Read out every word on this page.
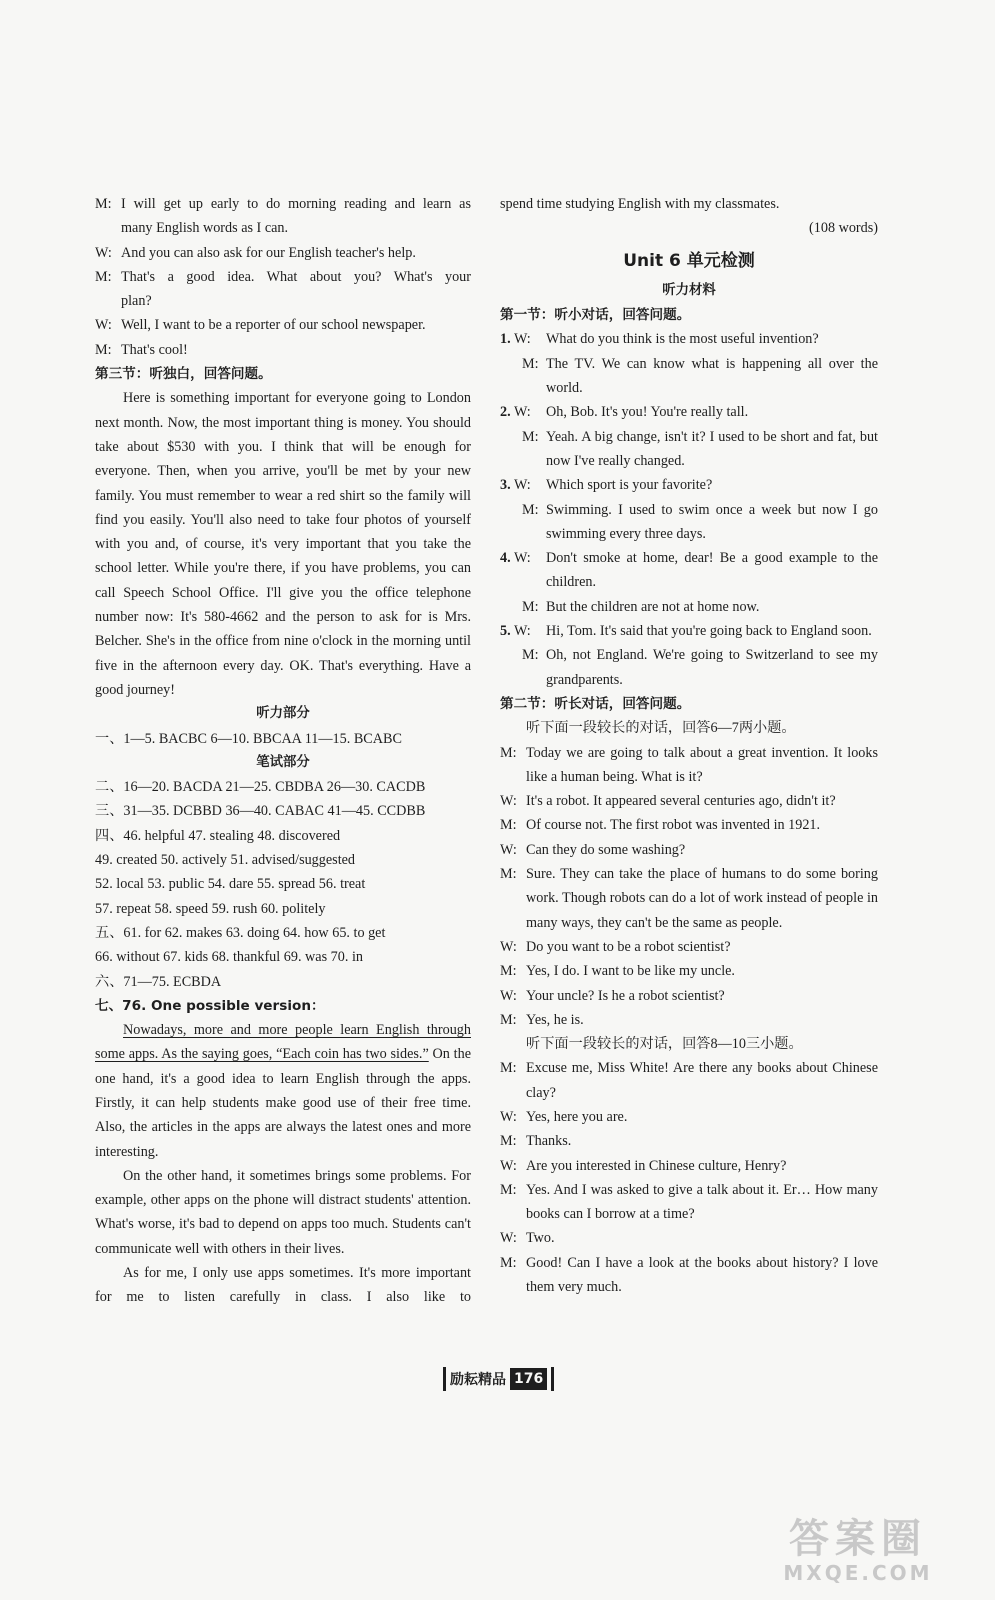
M: I will get up early to do morning reading and learn as
many English words as I can.
W: And you can also ask for our English teacher's help.
M: That's a good idea. What about you? What's your
plan?
W: Well, I want to be a reporter of our school newspaper.
M: That's cool!

第三节：听独白，回答问题。

Here is something important for everyone going to London next month. Now, the most important thing is money. You should take about $530 with you. I think that will be enough for everyone. Then, when you arrive, you'll be met by your new family. You must remember to wear a red shirt so the family will find you easily. You'll also need to take four photos of yourself with you and, of course, it's very important that you take the school letter. While you're there, if you have problems, you can call Speech School Office. I'll give you the office telephone number now: It's 580-4662 and the person to ask for is Mrs. Belcher. She's in the office from nine o'clock in the morning until five in the afternoon every day. OK. That's everything. Have a good journey!

听力部分

一、1—5. BACBC 6—10. BBCAA 11—15. BCABC

笔试部分

二、16—20. BACDA 21—25. CBDBA 26—30. CACDB

三、31—35. DCBBD 36—40. CABAC 41—45. CCDBB

四、46. helpful 47. stealing 48. discovered

49. created 50. actively 51. advised/suggested

52. local 53. public 54. dare 55. spread 56. treat

57. repeat 58. speed 59. rush 60. politely

五、61. for 62. makes 63. doing 64. how 65. to get

66. without 67. kids 68. thankful 69. was 70. in

六、71—75. ECBDA

七、76. One possible version：

Nowadays, more and more people learn English through some apps. As the saying goes, “Each coin has two sides.” On the one hand, it's a good idea to learn English through the apps. Firstly, it can help students make good use of their free time. Also, the articles in the apps are always the latest ones and more interesting.

On the other hand, it sometimes brings some problems. For example, other apps on the phone will distract students' attention. What's worse, it's bad to depend on apps too much. Students can't communicate well with others in their lives.

As for me, I only use apps sometimes. It's more important for me to listen carefully in class. I also like to

spend time studying English with my classmates.

(108 words)

Unit 6 单元检测

听力材料

第一节：听小对话，回答问题。

1. W:	What do you think is the most useful invention?
M: The TV. We can know what is happening all over the world.
2. W:	Oh, Bob. It's you! You're really tall.
M: Yeah. A big change, isn't it? I used to be short and fat, but now I've really changed.
3. W:	Which sport is your favorite?
M: Swimming. I used to swim once a week but now I go swimming every three days.
4. W:	Don't smoke at home, dear! Be a good example to the children.
M: But the children are not at home now.
5. W:	Hi, Tom. It's said that you're going back to England soon.
M: Oh, not England. We're going to Switzerland to see my grandparents.

第二节：听长对话，回答问题。

听下面一段较长的对话，回答6—7两小题。

M: Today we are going to talk about a great invention. It looks like a human being. What is it?
W: It's a robot. It appeared several centuries ago, didn't it?
M: Of course not. The first robot was invented in 1921.
W: Can they do some washing?
M: Sure. They can take the place of humans to do some boring work. Though robots can do a lot of work instead of people in many ways, they can't be the same as people.
W: Do you want to be a robot scientist?
M: Yes, I do. I want to be like my uncle.
W: Your uncle? Is he a robot scientist?
M: Yes, he is.

听下面一段较长的对话，回答8—10三小题。

M: Excuse me, Miss White! Are there any books about Chinese clay?
W: Yes, here you are.
M: Thanks.
W: Are you interested in Chinese culture, Henry?
M: Yes. And I was asked to give a talk about it. Er… How many books can I borrow at a time?
W: Two.
M: Good! Can I have a look at the books about history? I love them very much.
励耘精品 176
答案圈
MXQE.COM
